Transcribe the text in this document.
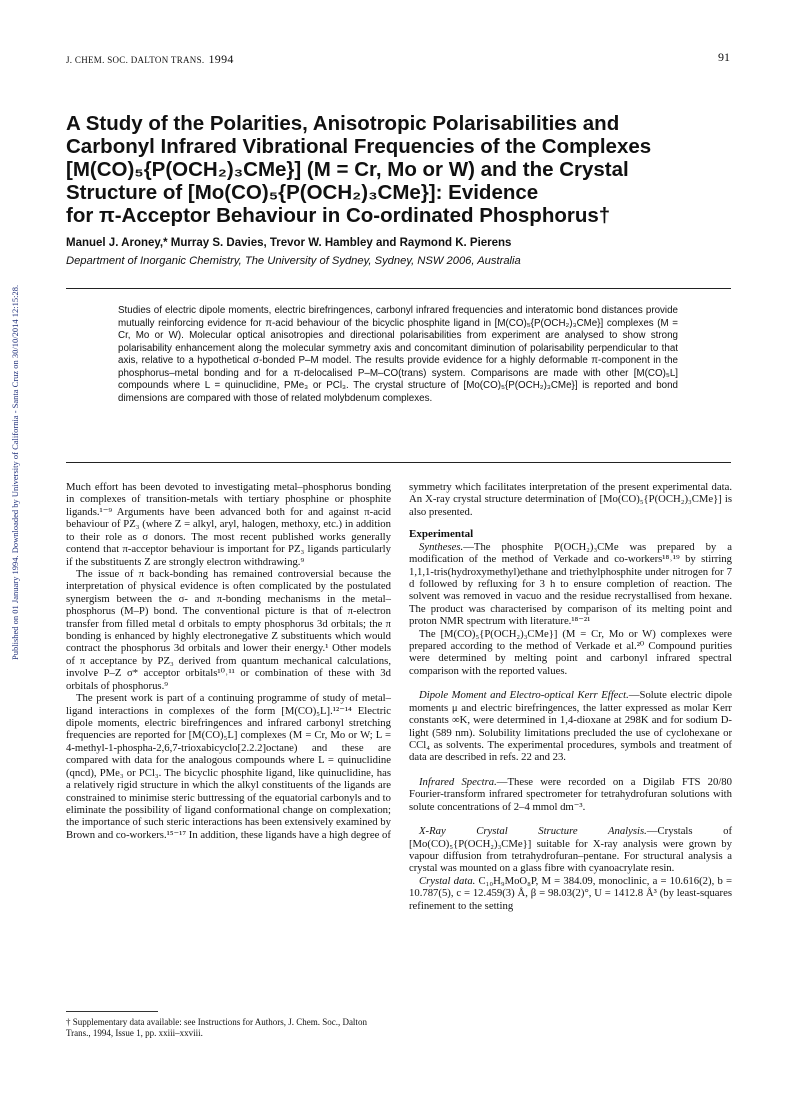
J. CHEM. SOC. DALTON TRANS. 1994	91
Published on 01 January 1994. Downloaded by University of California - Santa Cruz on 30/10/2014 12:15:28.
A Study of the Polarities, Anisotropic Polarisabilities and
Carbonyl Infrared Vibrational Frequencies of the Complexes
[M(CO)₅{P(OCH₂)₃CMe}] (M = Cr, Mo or W) and the Crystal
Structure of [Mo(CO)₅{P(OCH₂)₃CMe}]: Evidence
for π-Acceptor Behaviour in Co-ordinated Phosphorus†
Manuel J. Aroney,* Murray S. Davies, Trevor W. Hambley and Raymond K. Pierens
Department of Inorganic Chemistry, The University of Sydney, Sydney, NSW 2006, Australia
Studies of electric dipole moments, electric birefringences, carbonyl infrared frequencies and interatomic bond distances provide mutually reinforcing evidence for π-acid behaviour of the bicyclic phosphite ligand in [M(CO)₅{P(OCH₂)₃CMe}] complexes (M = Cr, Mo or W). Molecular optical anisotropies and directional polarisabilities from experiment are analysed to show strong polarisability enhancement along the molecular symmetry axis and concomitant diminution of polarisability perpendicular to that axis, relative to a hypothetical σ-bonded P–M model. The results provide evidence for a highly deformable π-component in the phosphorus–metal bonding and for a π-delocalised P–M–CO(trans) system. Comparisons are made with other [M(CO)₅L] compounds where L = quinuclidine, PMe₃ or PCl₃. The crystal structure of [Mo(CO)₅{P(OCH₂)₃CMe}] is reported and bond dimensions are compared with those of related molybdenum complexes.

Much effort has been devoted to investigating metal–phosphorus bonding in complexes of transition-metals with tertiary phosphine or phosphite ligands.¹⁻⁹ Arguments have been advanced both for and against π-acid behaviour of PZ₃ (where Z = alkyl, aryl, halogen, methoxy, etc.) in addition to their role as σ donors. The most recent published works generally contend that π-acceptor behaviour is important for PZ₃ ligands particularly if the substituents Z are strongly electron withdrawing.⁹

The issue of π back-bonding has remained controversial because the interpretation of physical evidence is often complicated by the postulated synergism between the σ- and π-bonding mechanisms in the metal–phosphorus (M–P) bond. The conventional picture is that of π-electron transfer from filled metal d orbitals to empty phosphorus 3d orbitals; the π bonding is enhanced by highly electronegative Z substituents which would contract the phosphorus 3d orbitals and lower their energy.¹ Other models of π acceptance by PZ₃ derived from quantum mechanical calculations, involve P–Z σ* acceptor orbitals¹⁰˒¹¹ or combination of these with 3d orbitals of phosphorus.⁹

The present work is part of a continuing programme of study of metal–ligand interactions in complexes of the form [M(CO)₅L].¹²⁻¹⁴ Electric dipole moments, electric birefringences and infrared carbonyl stretching frequencies are reported for [M(CO)₅L] complexes (M = Cr, Mo or W; L = 4-methyl-1-phospha-2,6,7-trioxabicyclo[2.2.2]octane) and these are compared with data for the analogous compounds where L = quinuclidine (qncd), PMe₃ or PCl₃. The bicyclic phosphite ligand, like quinuclidine, has a relatively rigid structure in which the alkyl constituents of the ligands are constrained to minimise steric buttressing of the equatorial carbonyls and to eliminate the possibility of ligand conformational change on complexation; the importance of such steric interactions has been extensively examined by Brown and co-workers.¹⁵⁻¹⁷ In addition, these ligands have a high degree of

† Supplementary data available: see Instructions for Authors, J. Chem. Soc., Dalton Trans., 1994, Issue 1, pp. xxiii–xxviii.

symmetry which facilitates interpretation of the present experimental data. An X-ray crystal structure determination of [Mo(CO)₅{P(OCH₂)₃CMe}] is also presented.

Experimental

Syntheses.—The phosphite P(OCH₂)₃CMe was prepared by a modification of the method of Verkade and co-workers¹⁸˒¹⁹ by stirring 1,1,1-tris(hydroxymethyl)ethane and triethylphosphite under nitrogen for 7 d followed by refluxing for 3 h to ensure completion of reaction. The solvent was removed in vacuo and the residue recrystallised from hexane. The product was characterised by comparison of its melting point and proton NMR spectrum with literature.¹⁸⁻²¹

The [M(CO)₅{P(OCH₂)₃CMe}] (M = Cr, Mo or W) complexes were prepared according to the method of Verkade et al.²⁰ Compound purities were determined by melting point and carbonyl infrared spectral comparison with the reported values.

Dipole Moment and Electro-optical Kerr Effect.—Solute electric dipole moments μ and electric birefringences, the latter expressed as molar Kerr constants ∞K, were determined in 1,4-dioxane at 298K and for sodium D-light (589 nm). Solubility limitations precluded the use of cyclohexane or CCl₄ as solvents. The experimental procedures, symbols and treatment of data are described in refs. 22 and 23.

Infrared Spectra.—These were recorded on a Digilab FTS 20/80 Fourier-transform infrared spectrometer for tetrahydrofuran solutions with solute concentrations of 2–4 mmol dm⁻³.

X-Ray Crystal Structure Analysis.—Crystals of [Mo(CO)₅{P(OCH₂)₃CMe}] suitable for X-ray analysis were grown by vapour diffusion from tetrahydrofuran–pentane. For structural analysis a crystal was mounted on a glass fibre with cyanoacrylate resin.

Crystal data. C₁₀H₉MoO₈P, M = 384.09, monoclinic, a = 10.616(2), b = 10.787(5), c = 12.459(3) Å, β = 98.03(2)°, U = 1412.8 Å³ (by least-squares refinement to the setting
